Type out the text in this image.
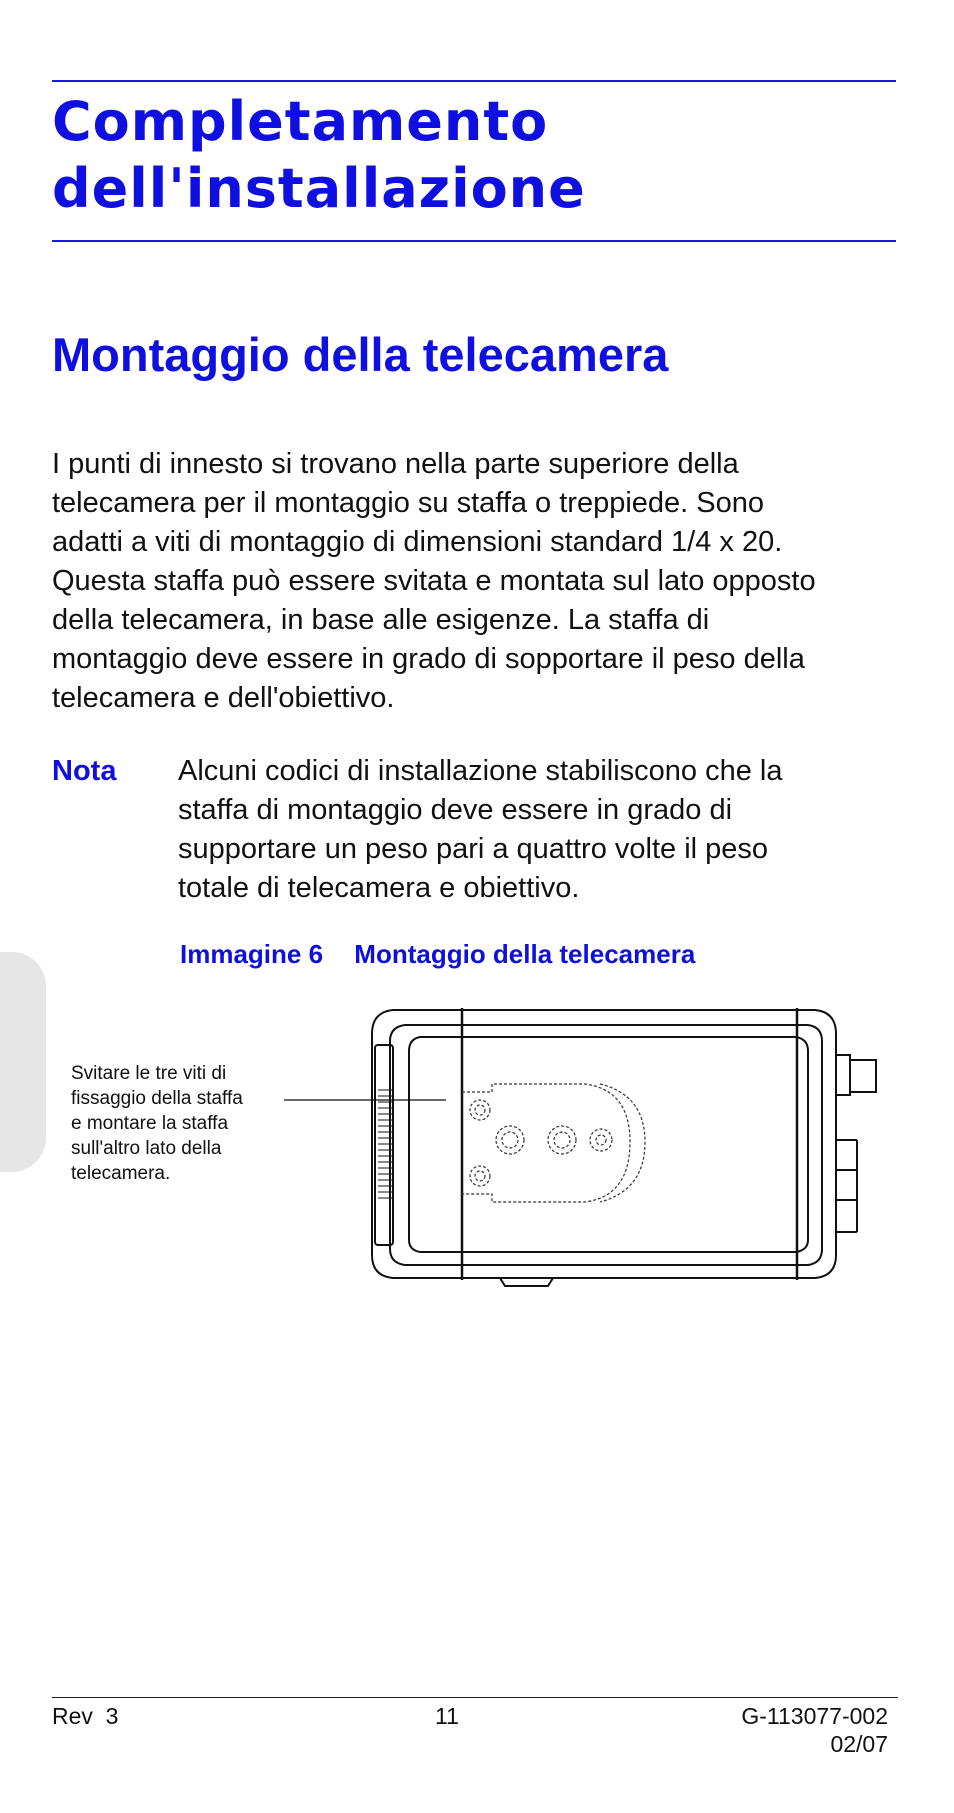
Completamento
dell'installazione
Montaggio della telecamera

I punti di innesto si trovano nella parte superiore della
telecamera per il montaggio su staffa o treppiede. Sono
adatti a viti di montaggio di dimensioni standard 1/4 x 20.
Questa staffa può essere svitata e montata sul lato opposto
della telecamera, in base alle esigenze. La staffa di
montaggio deve essere in grado di sopportare il peso della
telecamera e dell'obiettivo.

Nota Alcuni codici di installazione stabiliscono che la
staffa di montaggio deve essere in grado di
supportare un peso pari a quattro volte il peso
totale di telecamera e obiettivo.

Immagine 6 Montaggio della telecamera

Svitare le tre viti di
fissaggio della staffa
e montare la staffa
sull'altro lato della
telecamera.

Rev  3	11	G-113077-002
02/07
